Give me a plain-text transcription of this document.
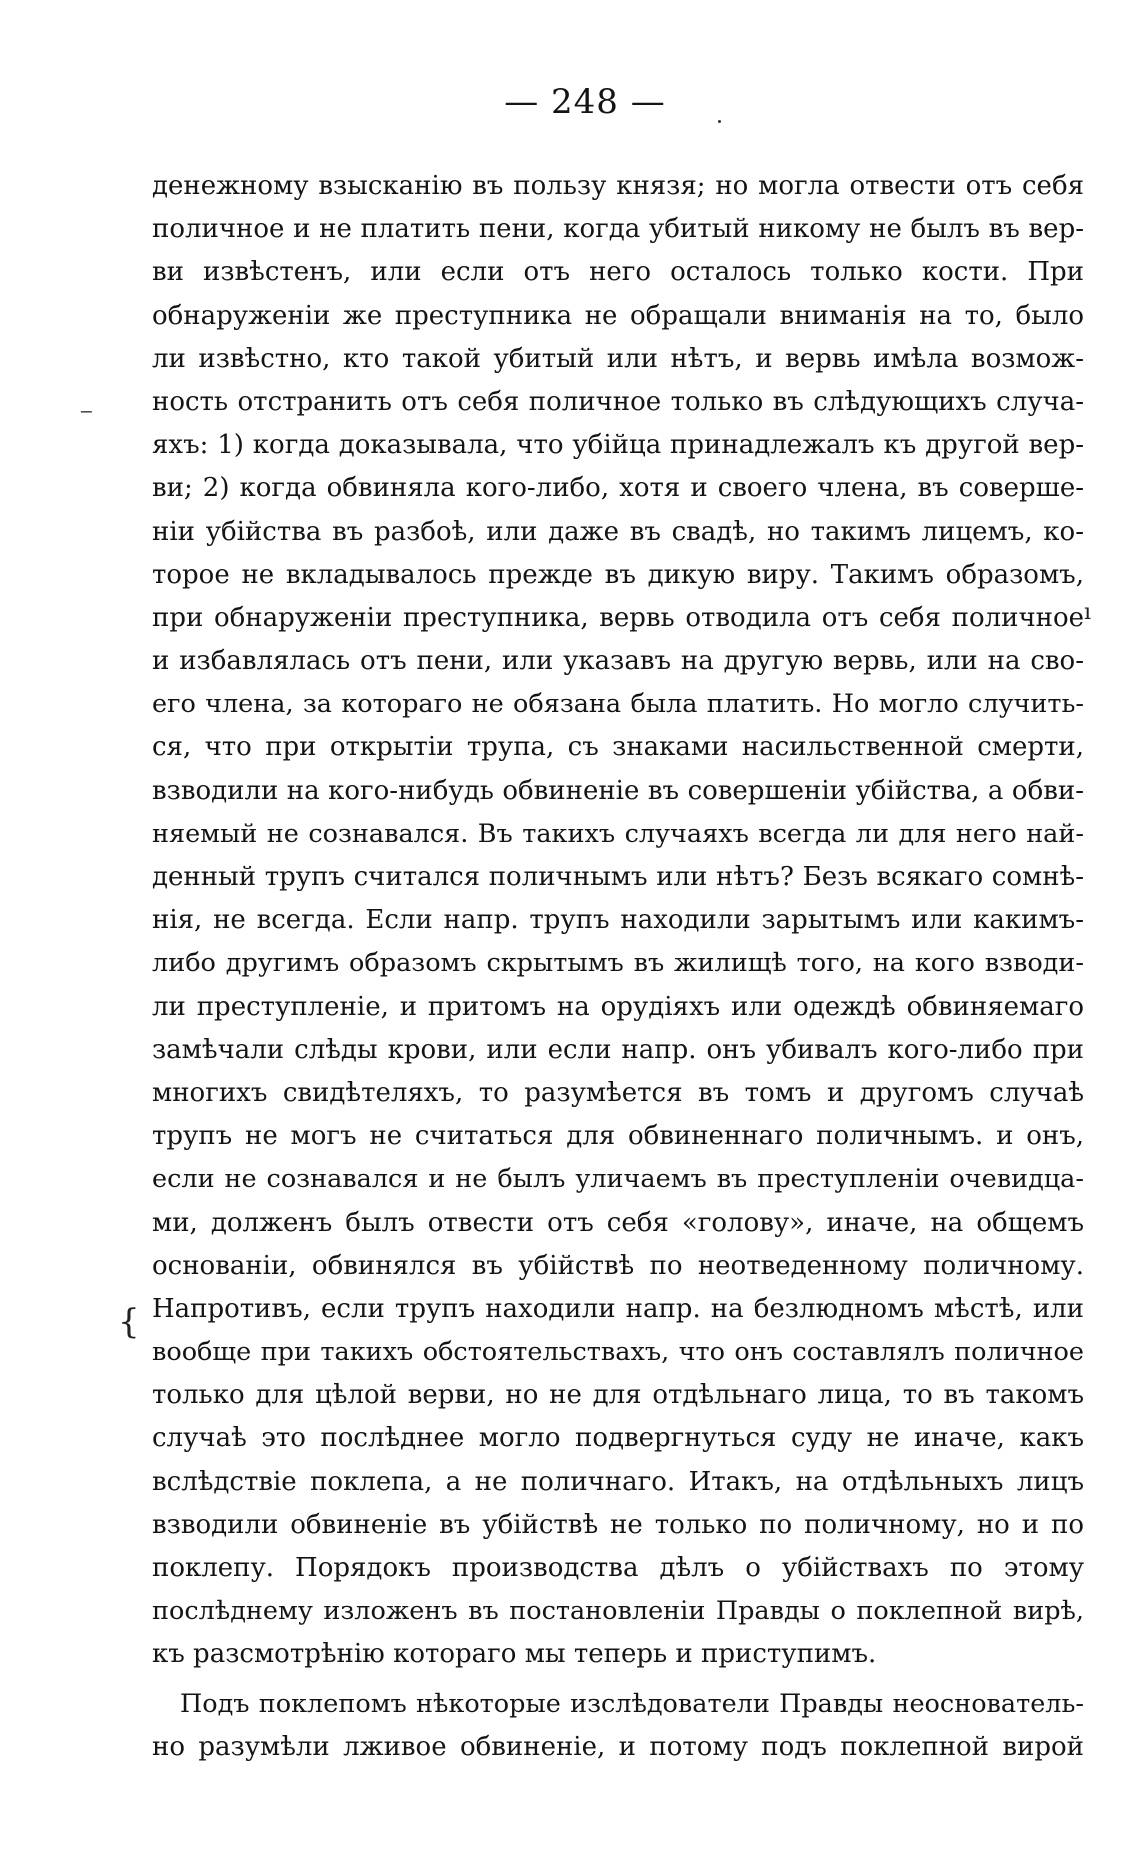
— 248 —
денежному взысканію въ пользу князя; но могла отвести отъ себя
поличное и не платить пени, когда убитый никому не былъ въ вер-
ви извѣстенъ, или если отъ него осталось только кости. При
обнаруженіи же преступника не обращали вниманія на то, было
ли извѣстно, кто такой убитый или нѣтъ, и вервь имѣла возмож-
ность отстранить отъ себя поличное только въ слѣдующихъ случа-
яхъ: 1) когда доказывала, что убійца принадлежалъ къ другой вер-
ви; 2) когда обвиняла кого-либо, хотя и своего члена, въ соверше-
ніи убійства въ разбоѣ, или даже въ свадѣ, но такимъ лицемъ, ко-
торое не вкладывалось прежде въ дикую виру. Такимъ образомъ,
при обнаруженіи преступника, вервь отводила отъ себя поличное
и избавлялась отъ пени, или указавъ на другую вервь, или на сво-
его члена, за котораго не обязана была платить. Но могло случить-
ся, что при открытіи трупа, съ знаками насильственной смерти,
взводили на кого-нибудь обвиненіе въ совершеніи убійства, а обви-
няемый не сознавался. Въ такихъ случаяхъ всегда ли для него най-
денный трупъ считался поличнымъ или нѣтъ? Безъ всякаго сомнѣ-
нія, не всегда. Если напр. трупъ находили зарытымъ или какимъ-
либо другимъ образомъ скрытымъ въ жилищѣ того, на кого взводи-
ли преступленіе, и притомъ на орудіяхъ или одеждѣ обвиняемаго
замѣчали слѣды крови, или если напр. онъ убивалъ кого-либо при
многихъ свидѣтеляхъ, то разумѣется въ томъ и другомъ случаѣ
трупъ не могъ не считаться для обвиненнаго поличнымъ. и онъ,
если не сознавался и не былъ уличаемъ въ преступленіи очевидца-
ми, долженъ былъ отвести отъ себя «голову», иначе, на общемъ
основаніи, обвинялся въ убійствѣ по неотведенному поличному.
Напротивъ, если трупъ находили напр. на безлюдномъ мѣстѣ, или
вообще при такихъ обстоятельствахъ, что онъ составлялъ поличное
только для цѣлой верви, но не для отдѣльнаго лица, то въ такомъ
случаѣ это послѣднее могло подвергнуться суду не иначе, какъ
вслѣдствіе поклепа, а не поличнаго. Итакъ, на отдѣльныхъ лицъ
взводили обвиненіе въ убійствѣ не только по поличному, но и по
поклепу. Порядокъ производства дѣлъ о убійствахъ по этому
послѣднему изложенъ въ постановленіи Правды о поклепной вирѣ,
къ разсмотрѣнію котораго мы теперь и приступимъ.
Подъ поклепомъ нѣкоторые изслѣдователи Правды неоснователь-
но разумѣли лживое обвиненіе, и потому подъ поклепной вирой
‒
ı
{
